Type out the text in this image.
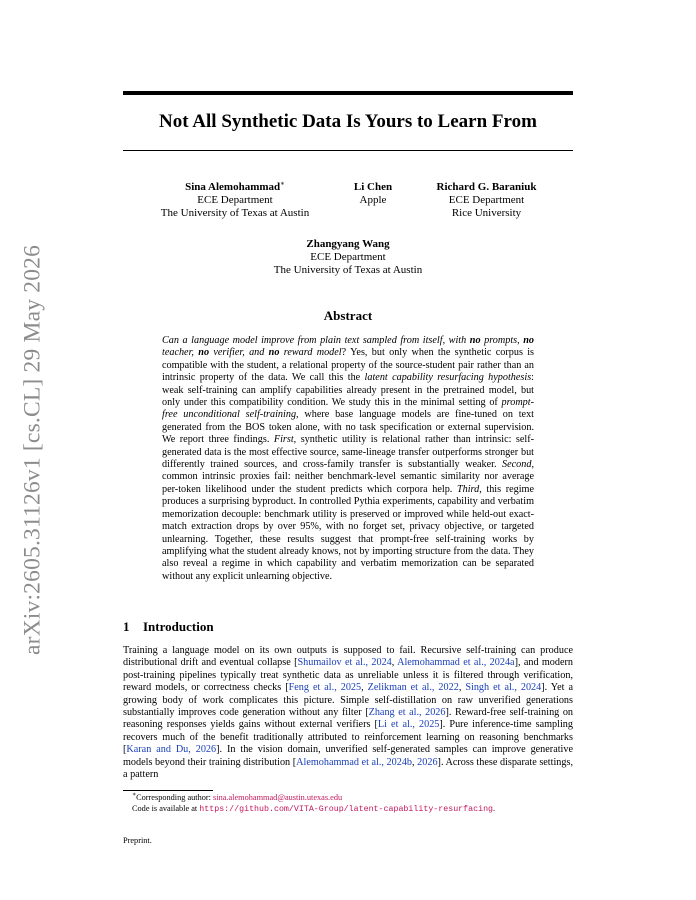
arXiv:2605.31126v1 [cs.CL] 29 May 2026
Not All Synthetic Data Is Yours to Learn From
Sina Alemohammad∗
ECE Department
The University of Texas at Austin
Li Chen
Apple
Richard G. Baraniuk
ECE Department
Rice University
Zhangyang Wang
ECE Department
The University of Texas at Austin
Abstract
Can a language model improve from plain text sampled from itself, with no prompts, no teacher, no verifier, and no reward model? Yes, but only when the synthetic corpus is compatible with the student, a relational property of the source-student pair rather than an intrinsic property of the data. We call this the latent capability resurfacing hypothesis: weak self-training can amplify capabilities already present in the pretrained model, but only under this compatibility condition. We study this in the minimal setting of prompt-free unconditional self-training, where base language models are fine-tuned on text generated from the BOS token alone, with no task specification or external supervision. We report three findings. First, synthetic utility is relational rather than intrinsic: self-generated data is the most effective source, same-lineage transfer outperforms stronger but differently trained sources, and cross-family transfer is substantially weaker. Second, common intrinsic proxies fail: neither benchmark-level semantic similarity nor average per-token likelihood under the student predicts which corpora help. Third, this regime produces a surprising byproduct. In controlled Pythia experiments, capability and verbatim memorization decouple: benchmark utility is preserved or improved while held-out exact-match extraction drops by over 95%, with no forget set, privacy objective, or targeted unlearning. Together, these results suggest that prompt-free self-training works by amplifying what the student already knows, not by importing structure from the data. They also reveal a regime in which capability and verbatim memorization can be separated without any explicit unlearning objective.
1 Introduction
Training a language model on its own outputs is supposed to fail. Recursive self-training can produce distributional drift and eventual collapse [Shumailov et al., 2024, Alemohammad et al., 2024a], and modern post-training pipelines typically treat synthetic data as unreliable unless it is filtered through verification, reward models, or correctness checks [Feng et al., 2025, Zelikman et al., 2022, Singh et al., 2024]. Yet a growing body of work complicates this picture. Simple self-distillation on raw unverified generations substantially improves code generation without any filter [Zhang et al., 2026]. Reward-free self-training on reasoning responses yields gains without external verifiers [Li et al., 2025]. Pure inference-time sampling recovers much of the benefit traditionally attributed to reinforcement learning on reasoning benchmarks [Karan and Du, 2026]. In the vision domain, unverified self-generated samples can improve generative models beyond their training distribution [Alemohammad et al., 2024b, 2026]. Across these disparate settings, a pattern
∗Corresponding author: sina.alemohammad@austin.utexas.edu
Code is available at https://github.com/VITA-Group/latent-capability-resurfacing.
Preprint.
